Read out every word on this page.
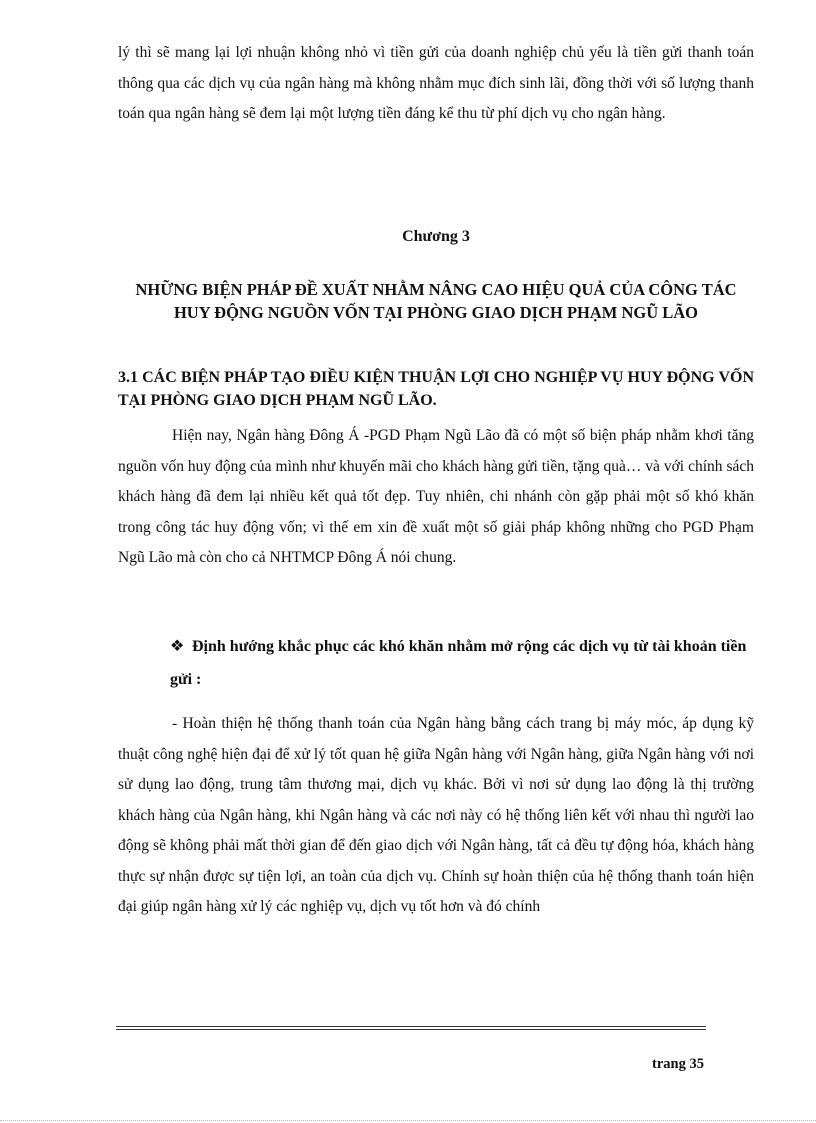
lý thì sẽ mang lại lợi nhuận không nhỏ vì tiền gửi của doanh nghiệp chủ yếu là tiền gửi thanh toán thông qua các dịch vụ của ngân hàng mà không nhằm mục đích sinh lãi, đồng thời với số lượng thanh toán qua ngân hàng sẽ đem lại một lượng tiền đáng kể thu từ phí dịch vụ cho ngân hàng.

Chương 3

NHỮNG BIỆN PHÁP ĐỀ XUẤT NHẰM NÂNG CAO HIỆU QUẢ CỦA CÔNG TÁC HUY ĐỘNG NGUỒN VỐN TẠI PHÒNG GIAO DỊCH PHẠM NGŨ LÃO

3.1 CÁC BIỆN PHÁP TẠO ĐIỀU KIỆN THUẬN LỢI CHO NGHIỆP VỤ HUY ĐỘNG VỐN TẠI PHÒNG GIAO DỊCH PHẠM NGŨ LÃO.

Hiện nay, Ngân hàng Đông Á -PGD Phạm Ngũ Lão đã có một số biện pháp nhằm khơi tăng nguồn vốn huy động của mình như khuyến mãi cho khách hàng gửi tiền, tặng quà… và với chính sách khách hàng đã đem lại nhiều kết quả tốt đẹp. Tuy nhiên, chi nhánh còn gặp phải một số khó khăn trong công tác huy động vốn; vì thế em xin đề xuất một số giải pháp không những cho PGD Phạm Ngũ Lão mà còn cho cả NHTMCP Đông Á nói chung.

❖ Định hướng khắc phục các khó khăn nhằm mở rộng các dịch vụ từ tài khoản tiền gửi :

- Hoàn thiện hệ thống thanh toán của Ngân hàng bằng cách trang bị máy móc, áp dụng kỹ thuật công nghệ hiện đại để xử lý tốt quan hệ giữa Ngân hàng với Ngân hàng, giữa Ngân hàng với nơi sử dụng lao động, trung tâm thương mại, dịch vụ khác. Bởi vì nơi sử dụng lao động là thị trường khách hàng của Ngân hàng, khi Ngân hàng và các nơi này có hệ thống liên kết với nhau thì người lao động sẽ không phải mất thời gian để đến giao dịch với Ngân hàng, tất cả đều tự động hóa, khách hàng thực sự nhận được sự tiện lợi, an toàn của dịch vụ. Chính sự hoàn thiện của hệ thống thanh toán hiện đại giúp ngân hàng xử lý các nghiệp vụ, dịch vụ tốt hơn và đó chính

trang 35
